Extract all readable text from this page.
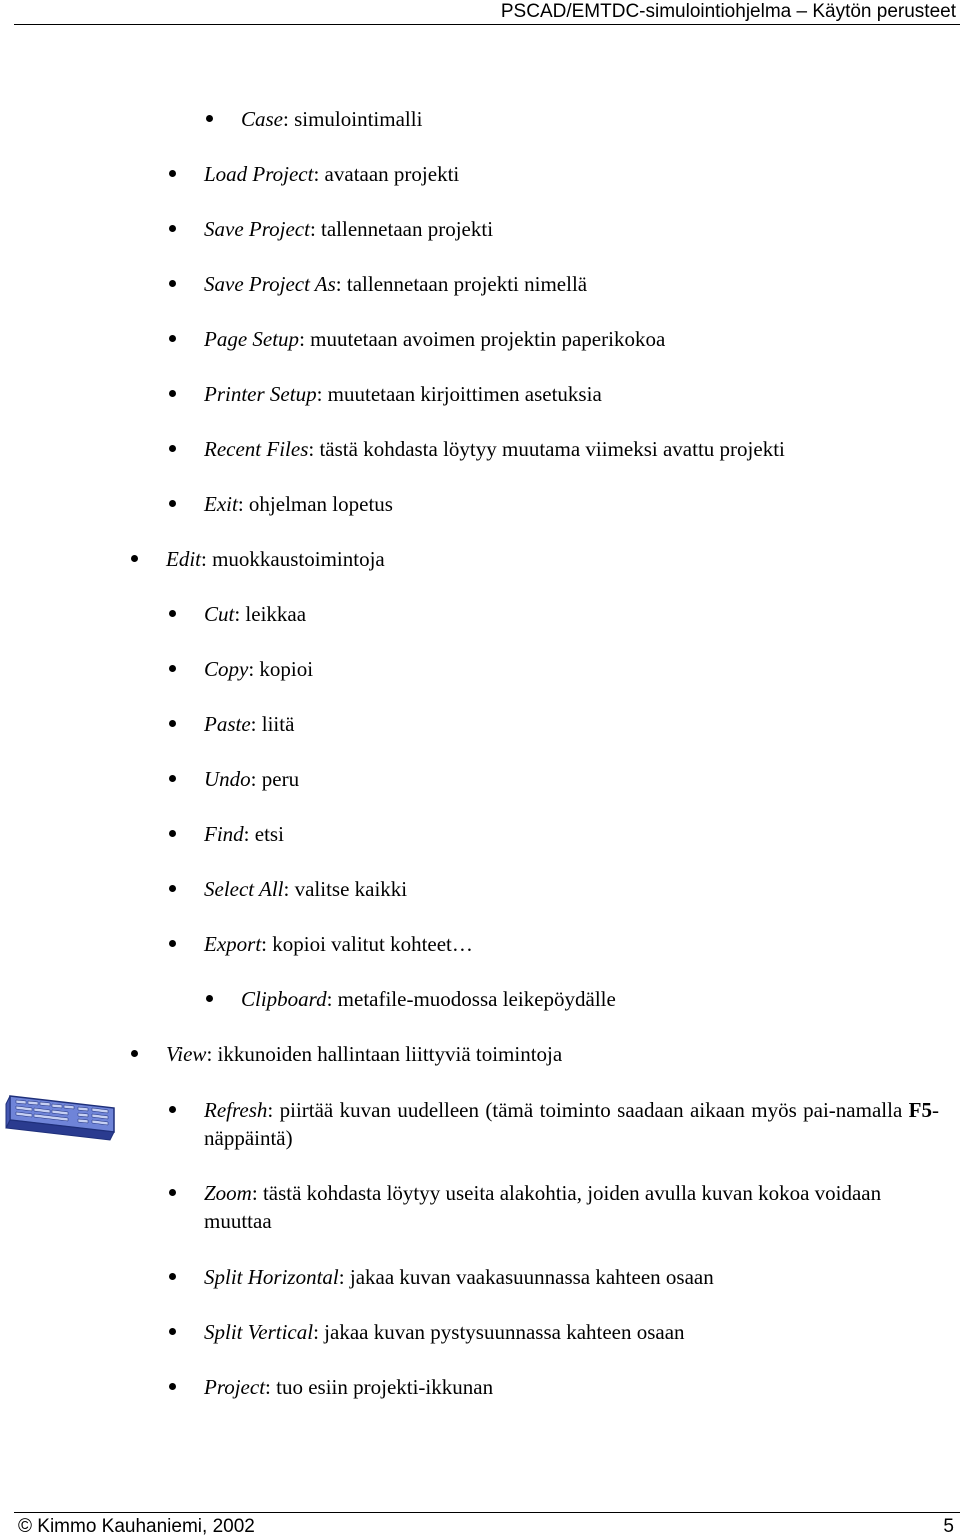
PSCAD/EMTDC-simulointiohjelma – Käytön perusteet
Case: simulointimalli
Load Project: avataan projekti
Save Project: tallennetaan projekti
Save Project As: tallennetaan projekti nimellä
Page Setup: muutetaan avoimen projektin paperikokoa
Printer Setup: muutetaan kirjoittimen asetuksia
Recent Files: tästä kohdasta löytyy muutama viimeksi avattu projekti
Exit: ohjelman lopetus
Edit: muokkaustoimintoja
Cut: leikkaa
Copy: kopioi
Paste: liitä
Undo: peru
Find: etsi
Select All: valitse kaikki
Export: kopioi valitut kohteet…
Clipboard: metafile-muodossa leikepöydälle
View: ikkunoiden hallintaan liittyviä toimintoja
Refresh: piirtää kuvan uudelleen (tämä toiminto saadaan aikaan myös pai-namalla F5-näppäintä)
Zoom: tästä kohdasta löytyy useita alakohtia, joiden avulla kuvan kokoa voidaan muuttaa
Split Horizontal: jakaa kuvan vaakasuunnassa kahteen osaan
Split Vertical: jakaa kuvan pystysuunnassa kahteen osaan
Project: tuo esiin projekti-ikkunan
© Kimmo Kauhaniemi, 2002	5
